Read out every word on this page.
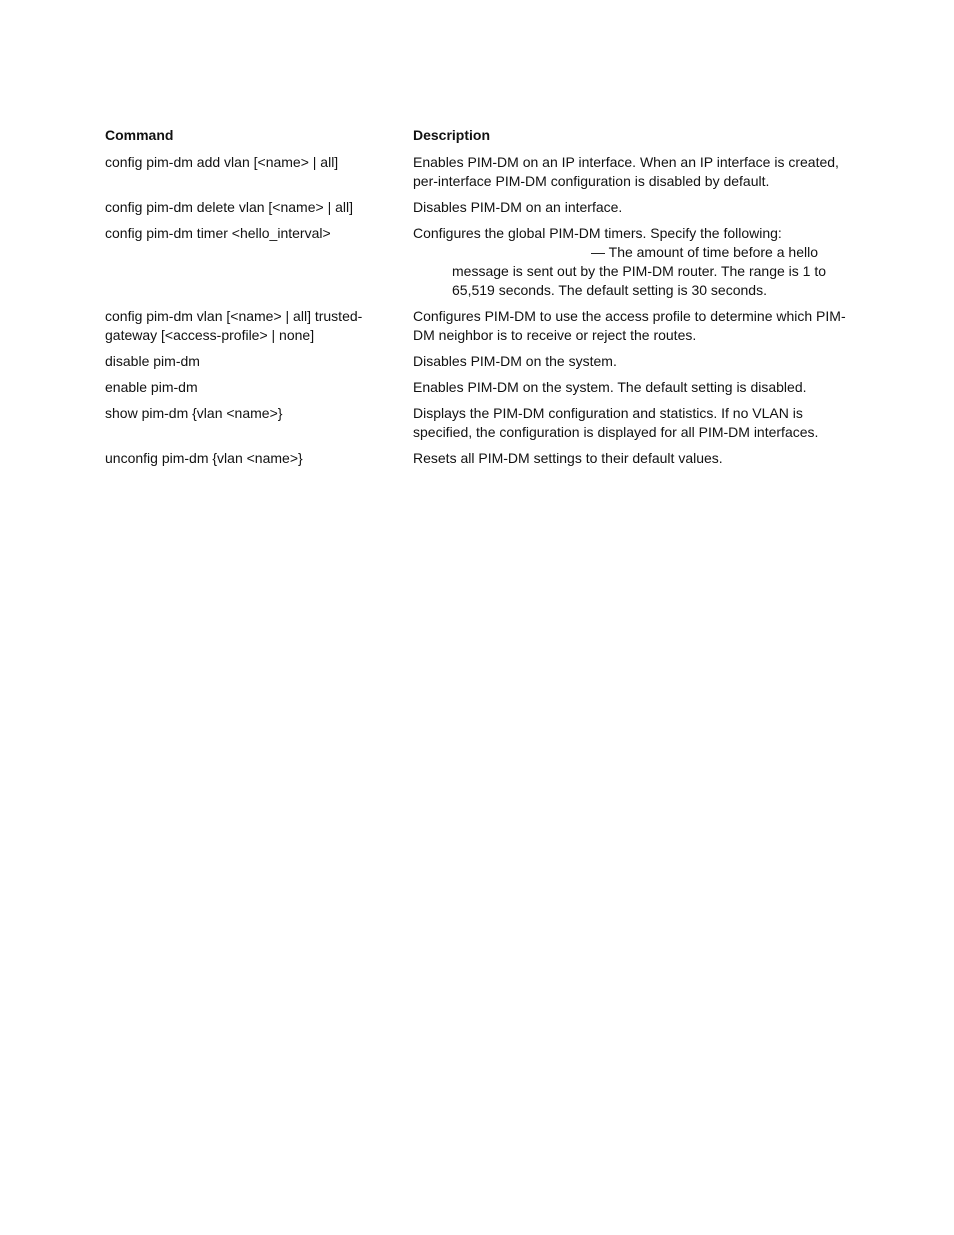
Command	Description
config pim-dm add vlan [<name> | all]	Enables PIM-DM on an IP interface. When an IP interface is created, per-interface PIM-DM configuration is disabled by default.
config pim-dm delete vlan [<name> | all]	Disables PIM-DM on an interface.
config pim-dm timer <hello_interval>	Configures the global PIM-DM timers. Specify the following:
— The amount of time before a hello
message is sent out by the PIM-DM router. The range is 1 to 65,519 seconds. The default setting is 30 seconds.

config pim-dm vlan [<name> | all] trusted-gateway [<access-profile> | none]	Configures PIM-DM to use the access profile to determine which PIM-DM neighbor is to receive or reject the routes.
disable pim-dm	Disables PIM-DM on the system.
enable pim-dm	Enables PIM-DM on the system. The default setting is disabled.
show pim-dm {vlan <name>}	Displays the PIM-DM configuration and statistics. If no VLAN is specified, the configuration is displayed for all PIM-DM interfaces.
unconfig pim-dm {vlan <name>}	Resets all PIM-DM settings to their default values.
